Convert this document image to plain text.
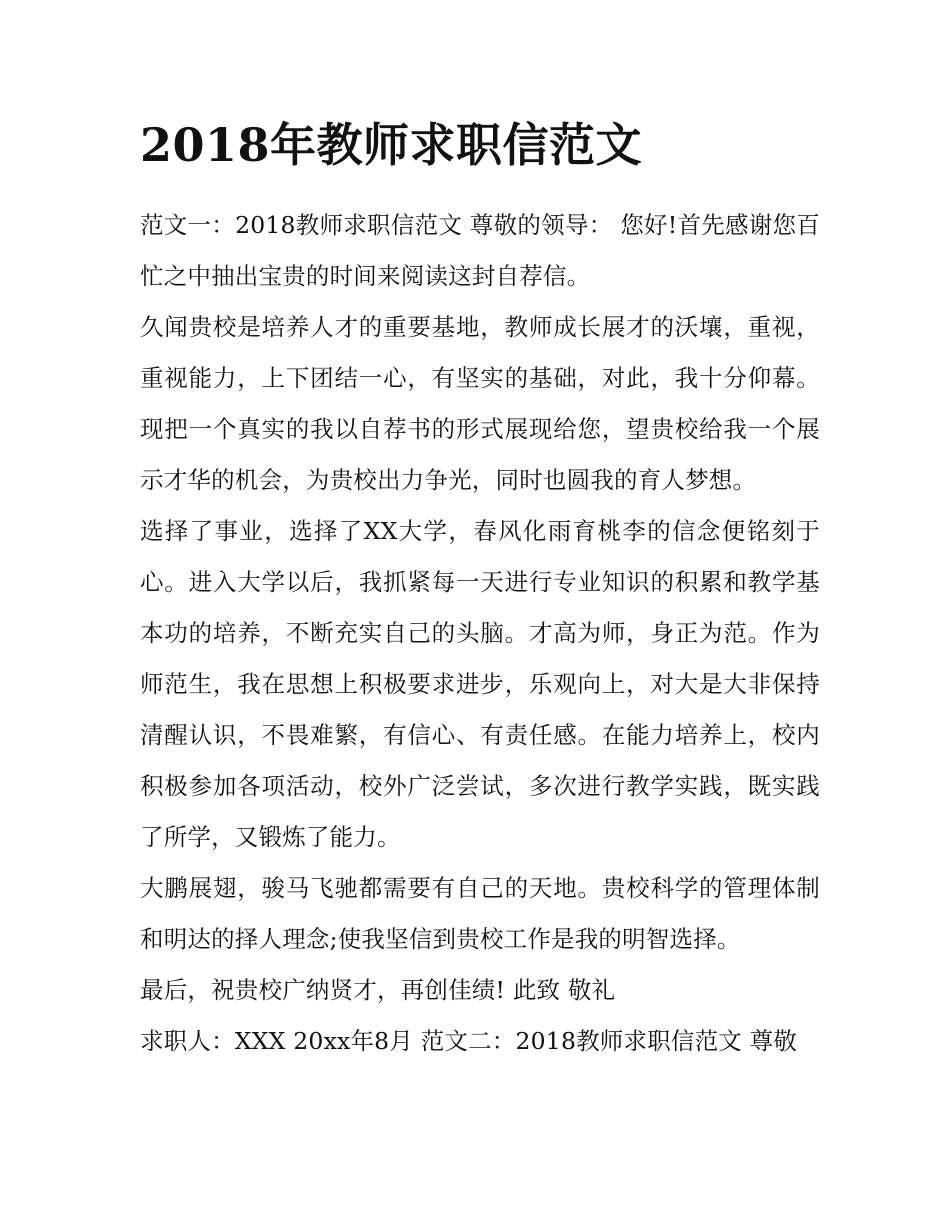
2018年教师求职信范文

范文一：2018教师求职信范文 尊敬的领导： 您好!首先感谢您百忙之中抽出宝贵的时间来阅读这封自荐信。

久闻贵校是培养人才的重要基地，教师成长展才的沃壤，重视，重视能力，上下团结一心，有坚实的基础，对此，我十分仰幕。现把一个真实的我以自荐书的形式展现给您，望贵校给我一个展示才华的机会，为贵校出力争光，同时也圆我的育人梦想。

选择了事业，选择了XX大学，春风化雨育桃李的信念便铭刻于心。进入大学以后，我抓紧每一天进行专业知识的积累和教学基本功的培养，不断充实自己的头脑。才高为师，身正为范。作为师范生，我在思想上积极要求进步，乐观向上，对大是大非保持清醒认识，不畏难繁，有信心、有责任感。在能力培养上，校内积极参加各项活动，校外广泛尝试，多次进行教学实践，既实践了所学，又锻炼了能力。

大鹏展翅，骏马飞驰都需要有自己的天地。贵校科学的管理体制和明达的择人理念;使我坚信到贵校工作是我的明智选择。

最后，祝贵校广纳贤才，再创佳绩! 此致 敬礼

求职人：XXX 20xx年8月 范文二：2018教师求职信范文 尊敬
